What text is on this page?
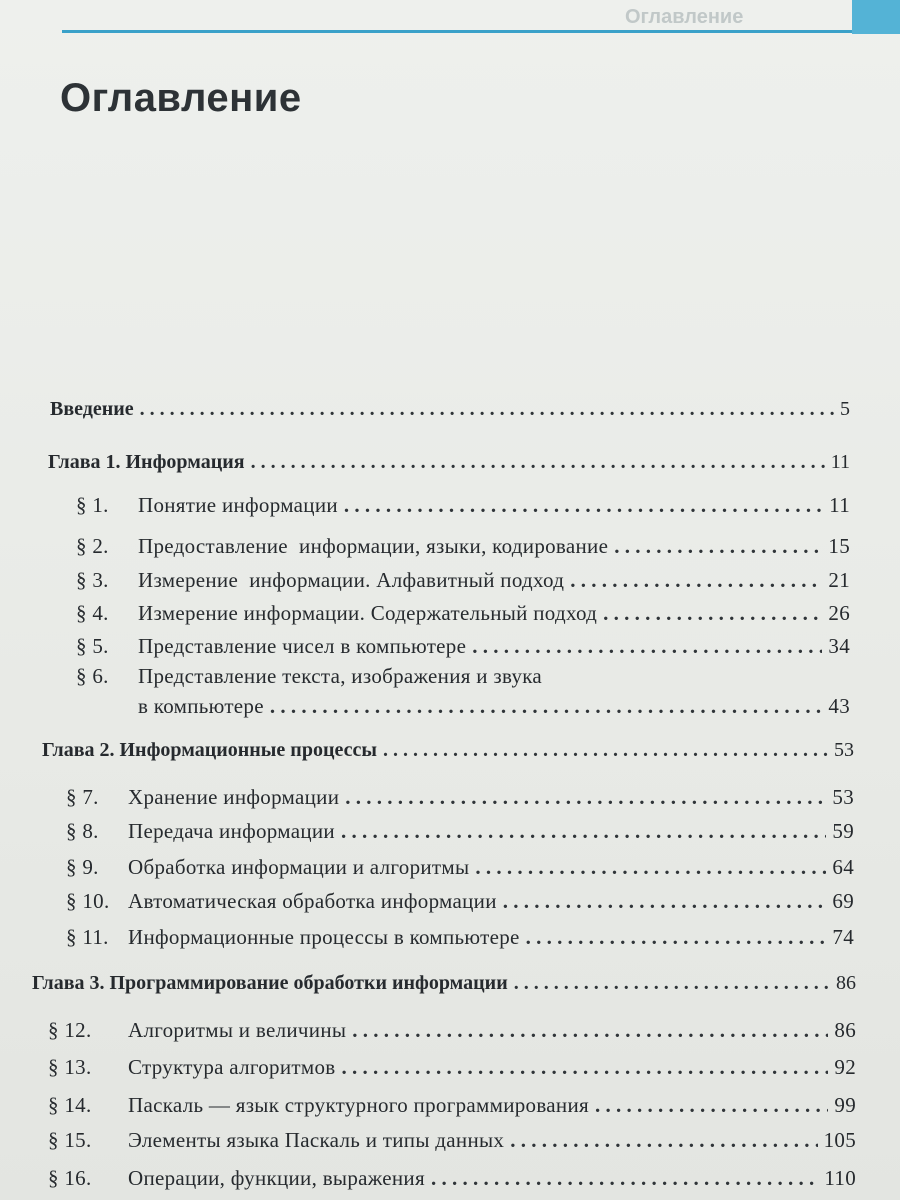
Оглавление
Оглавление
Введение . . .	5
Глава 1. Информация . . .	11
§ 1. Понятие информации . . .	11
§ 2. Предоставление  информации, языки, кодирование . . .	15
§ 3. Измерение  информации. Алфавитный подход . . .	21
§ 4. Измерение информации. Содержательный подход . . .	26
§ 5. Представление чисел в компьютере . . .	34
§ 6. Представление текста, изображения и звука
в компьютере . . .	43
Глава 2. Информационные процессы . . .	53
§ 7. Хранение информации . . .	53
§ 8. Передача информации . . .	59
§ 9. Обработка информации и алгоритмы . . .	64
§ 10. Автоматическая обработка информации . . .	69
§ 11. Информационные процессы в компьютере . . .	74
Глава 3. Программирование обработки информации . . .	86
§ 12. Алгоритмы и величины . . .	86
§ 13. Структура алгоритмов . . .	92
§ 14. Паскаль — язык структурного программирования . . .	99
§ 15. Элементы языка Паскаль и типы данных . . .	105
§ 16. Операции, функции, выражения . . .	110
